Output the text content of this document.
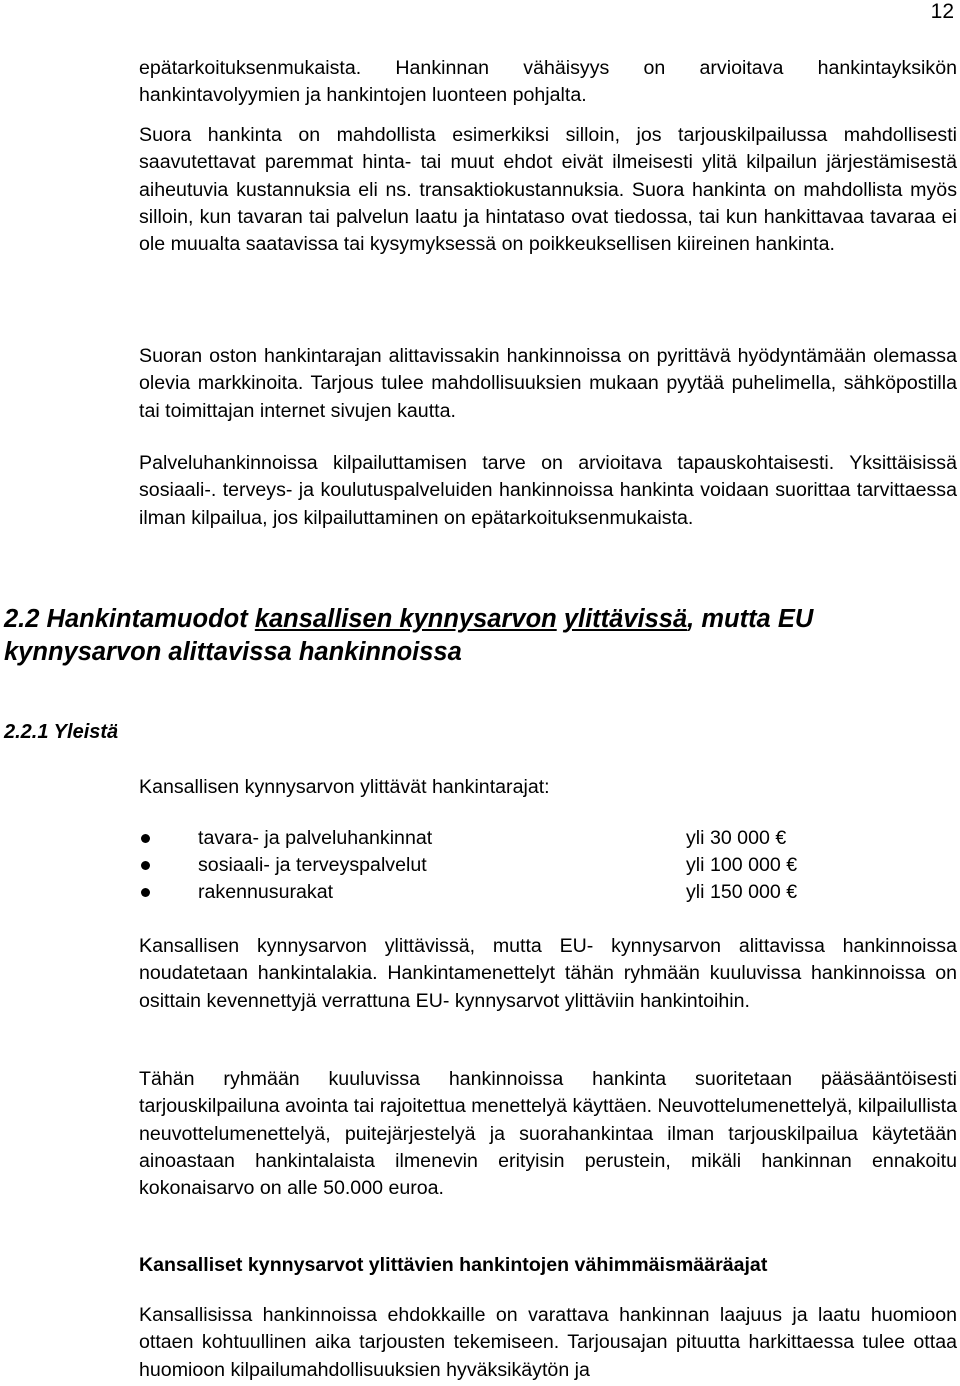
12

epätarkoituksenmukaista. Hankinnan vähäisyys on arvioitava hankintayksikön hankintavolyymien ja hankintojen luonteen pohjalta.

Suora hankinta on mahdollista esimerkiksi silloin, jos tarjouskilpailussa mahdollisesti saavutettavat paremmat hinta- tai muut ehdot eivät ilmeisesti ylitä kilpailun järjestämisestä aiheutuvia kustannuksia eli ns. transaktiokustannuksia. Suora hankinta on mahdollista myös silloin, kun tavaran tai palvelun laatu ja hintataso ovat tiedossa, tai kun hankittavaa tavaraa ei ole muualta saatavissa tai kysymyksessä on poikkeuksellisen kiireinen hankinta.

Suoran oston hankintarajan alittavissakin hankinnoissa on pyrittävä hyödyntämään olemassa olevia markkinoita. Tarjous tulee mahdollisuuksien mukaan pyytää puhelimella, sähköpostilla tai toimittajan internet sivujen kautta.

Palveluhankinnoissa kilpailuttamisen tarve on arvioitava tapauskohtaisesti. Yksittäisissä sosiaali-. terveys- ja koulutuspalveluiden hankinnoissa hankinta voidaan suorittaa tarvittaessa ilman kilpailua, jos kilpailuttaminen on epätarkoituksenmukaista.

2.2 Hankintamuodot kansallisen kynnysarvon ylittävissä, mutta EU kynnysarvon alittavissa hankinnoissa
2.2.1 Yleistä

Kansallisen kynnysarvon ylittävät hankintarajat:

tavara- ja palveluhankinnat	yli 30 000 €
sosiaali- ja terveyspalvelut	yli 100 000 €
rakennusurakat	yli 150 000 €

Kansallisen kynnysarvon ylittävissä, mutta EU- kynnysarvon alittavissa hankinnoissa noudatetaan hankintalakia. Hankintamenettelyt tähän ryhmään kuuluvissa hankinnoissa on osittain kevennettyjä verrattuna EU- kynnysarvot ylittäviin hankintoihin.

Tähän ryhmään kuuluvissa hankinnoissa hankinta suoritetaan pääsääntöisesti tarjouskilpailuna avointa tai rajoitettua menettelyä käyttäen. Neuvottelumenettelyä, kilpailullista neuvottelumenettelyä, puitejärjestelyä ja suorahankintaa ilman tarjouskilpailua käytetään ainoastaan hankintalaista ilmenevin erityisin perustein, mikäli hankinnan ennakoitu kokonaisarvo on alle 50.000 euroa.

Kansalliset kynnysarvot ylittävien hankintojen vähimmäismääräajat

Kansallisissa hankinnoissa ehdokkaille on varattava hankinnan laajuus ja laatu huomioon ottaen kohtuullinen aika tarjousten tekemiseen. Tarjousajan pituutta harkittaessa tulee ottaa huomioon kilpailumahdollisuuksien hyväksikäytön ja
